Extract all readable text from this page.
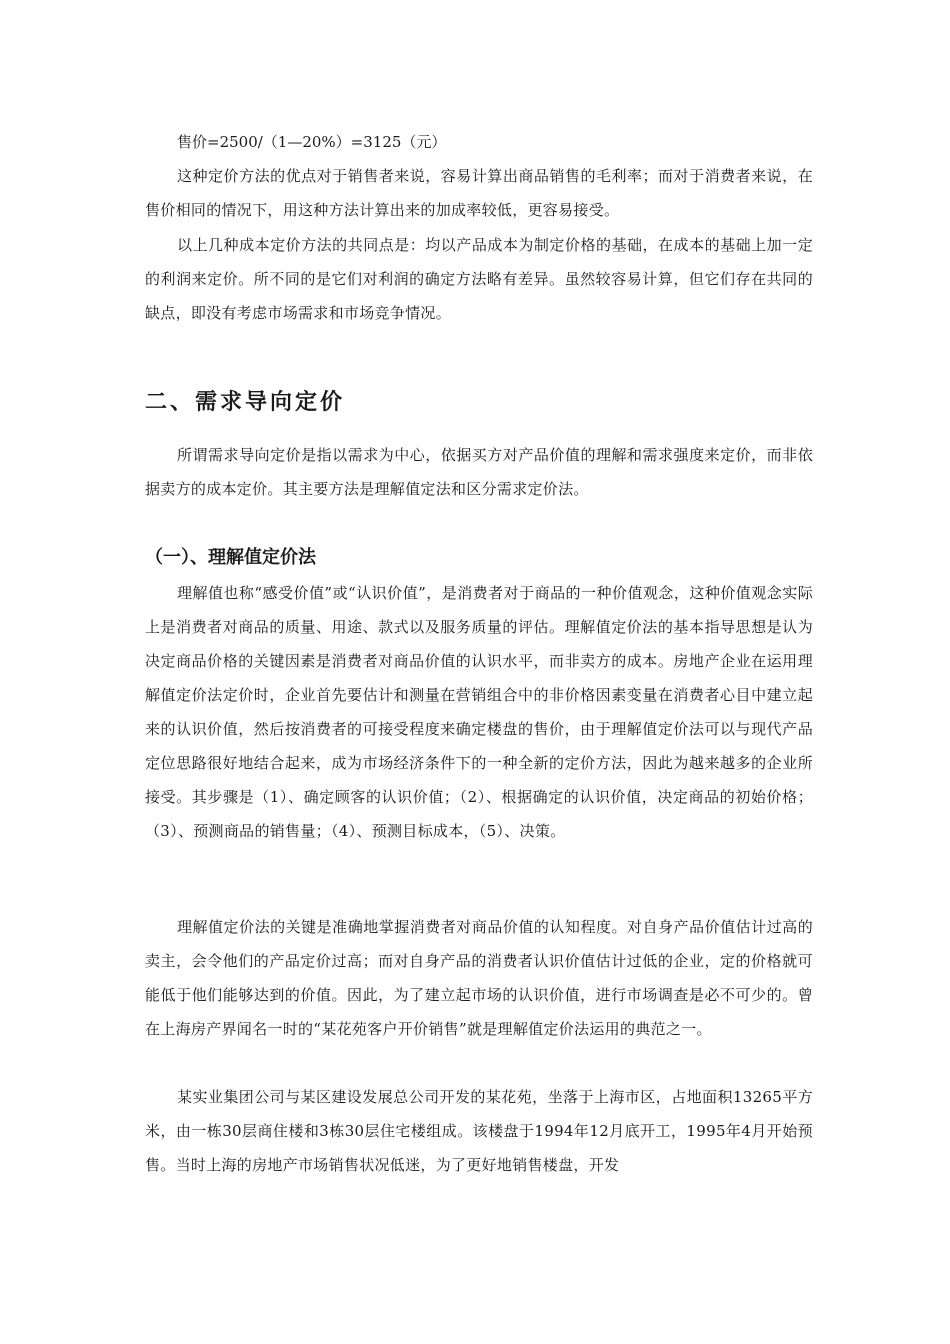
售价=2500/（1—20%）=3125（元）

这种定价方法的优点对于销售者来说，容易计算出商品销售的毛利率；而对于消费者来说，在售价相同的情况下，用这种方法计算出来的加成率较低，更容易接受。

以上几种成本定价方法的共同点是：均以产品成本为制定价格的基础，在成本的基础上加一定的利润来定价。所不同的是它们对利润的确定方法略有差异。虽然较容易计算，但它们存在共同的缺点，即没有考虑市场需求和市场竞争情况。

二、需求导向定价

所谓需求导向定价是指以需求为中心，依据买方对产品价值的理解和需求强度来定价，而非依据卖方的成本定价。其主要方法是理解值定法和区分需求定价法。

（一）、理解值定价法

理解值也称“感受价值”或“认识价值”，是消费者对于商品的一种价值观念，这种价值观念实际上是消费者对商品的质量、用途、款式以及服务质量的评估。理解值定价法的基本指导思想是认为决定商品价格的关键因素是消费者对商品价值的认识水平，而非卖方的成本。房地产企业在运用理解值定价法定价时，企业首先要估计和测量在营销组合中的非价格因素变量在消费者心目中建立起来的认识价值，然后按消费者的可接受程度来确定楼盘的售价，由于理解值定价法可以与现代产品定位思路很好地结合起来，成为市场经济条件下的一种全新的定价方法，因此为越来越多的企业所接受。其步骤是（1）、确定顾客的认识价值；（2）、根据确定的认识价值，决定商品的初始价格；（3）、预测商品的销售量；（4）、预测目标成本，（5）、决策。

理解值定价法的关键是准确地掌握消费者对商品价值的认知程度。对自身产品价值估计过高的卖主，会令他们的产品定价过高；而对自身产品的消费者认识价值估计过低的企业，定的价格就可能低于他们能够达到的价值。因此，为了建立起市场的认识价值，进行市场调查是必不可少的。曾在上海房产界闻名一时的“某花苑客户开价销售”就是理解值定价法运用的典范之一。

某实业集团公司与某区建设发展总公司开发的某花苑，坐落于上海市区，占地面积13265平方米，由一栋30层商住楼和3栋30层住宅楼组成。该楼盘于1994年12月底开工，1995年4月开始预售。当时上海的房地产市场销售状况低迷，为了更好地销售楼盘，开发
